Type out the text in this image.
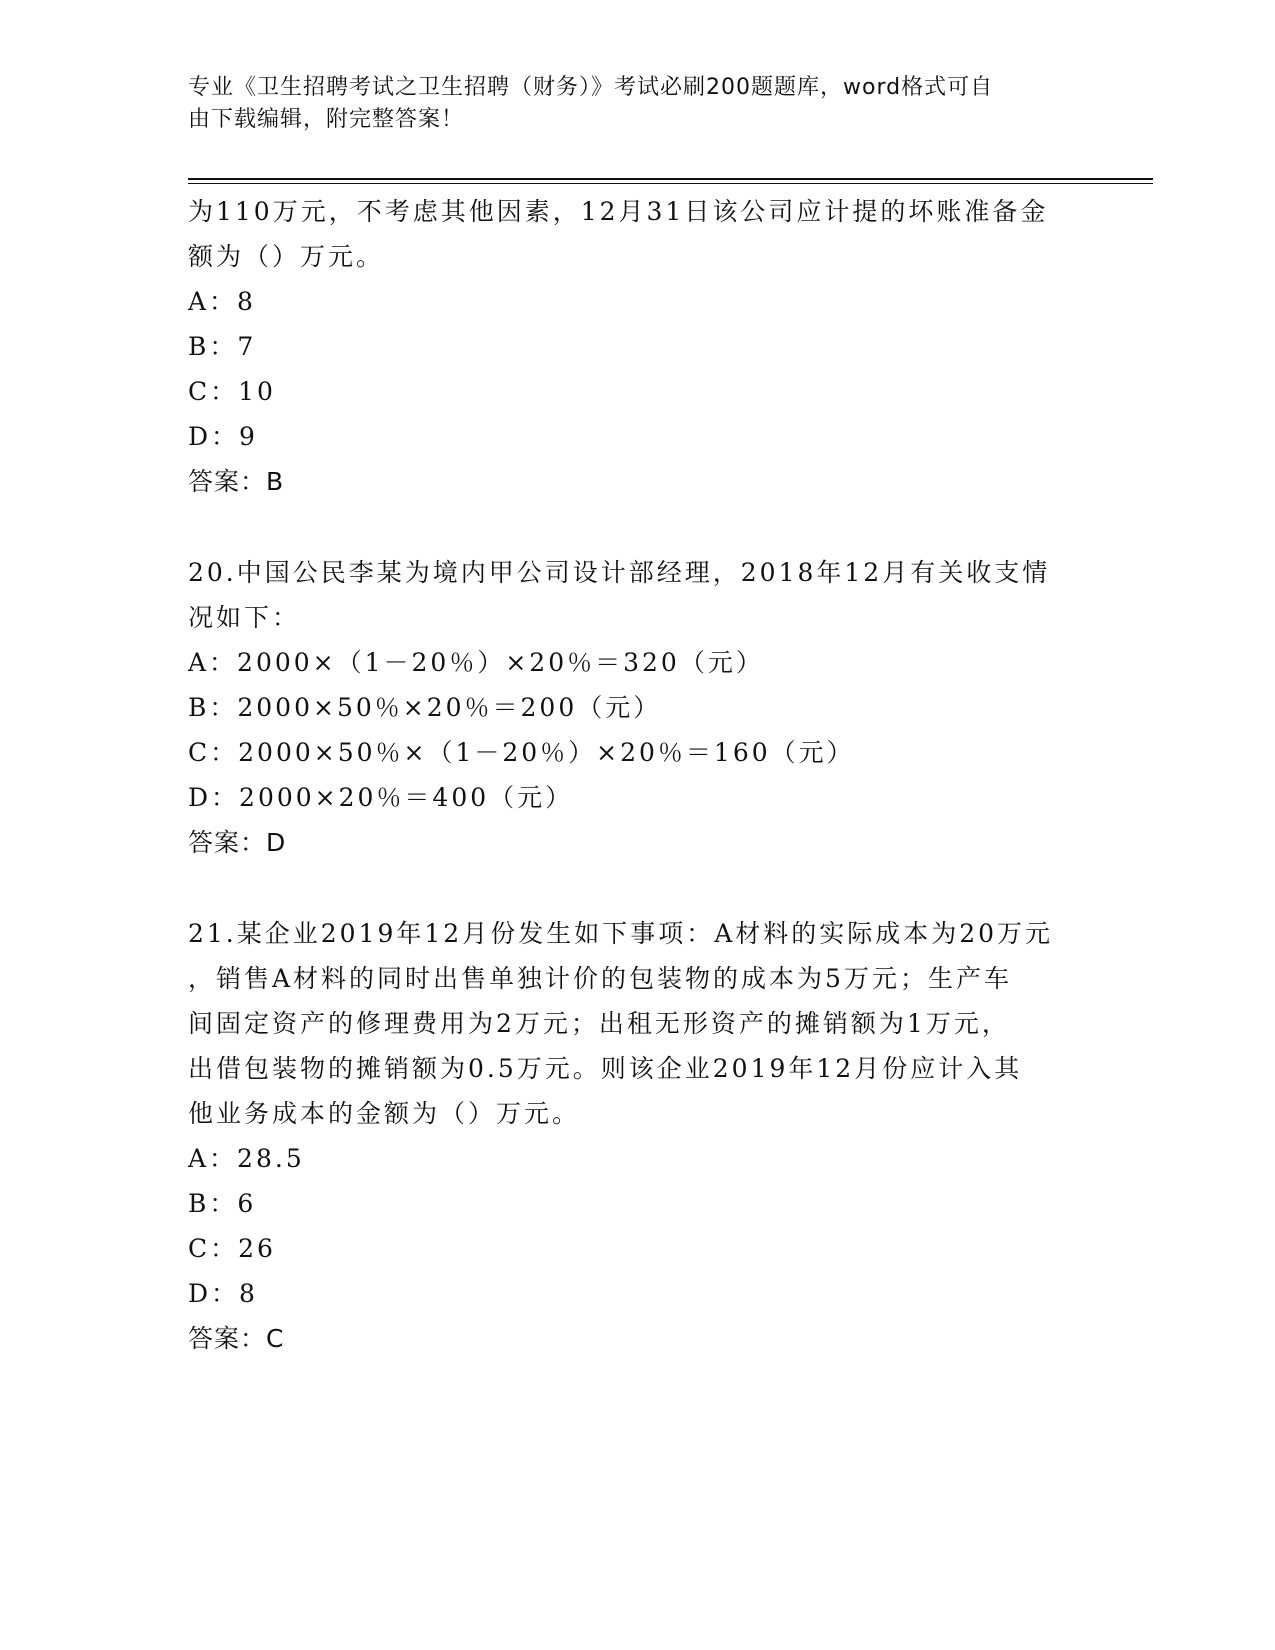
专业《卫生招聘考试之卫生招聘（财务）》考试必刷200题题库，word格式可自
由下载编辑，附完整答案！

为110万元，不考虑其他因素，12月31日该公司应计提的坏账准备金

额为（）万元。

A：8

B：7

C：10

D：9

答案：B

20.中国公民李某为境内甲公司设计部经理，2018年12月有关收支情

况如下：

A：2000×（1－20％）×20％＝320（元）

B：2000×50％×20％＝200（元）

C：2000×50％×（1－20％）×20％＝160（元）

D：2000×20％＝400（元）

答案：D

21.某企业2019年12月份发生如下事项：A材料的实际成本为20万元

，销售A材料的同时出售单独计价的包装物的成本为5万元；生产车

间固定资产的修理费用为2万元；出租无形资产的摊销额为1万元，

出借包装物的摊销额为0.5万元。则该企业2019年12月份应计入其

他业务成本的金额为（）万元。

A：28.5

B：6

C：26

D：8

答案：C
